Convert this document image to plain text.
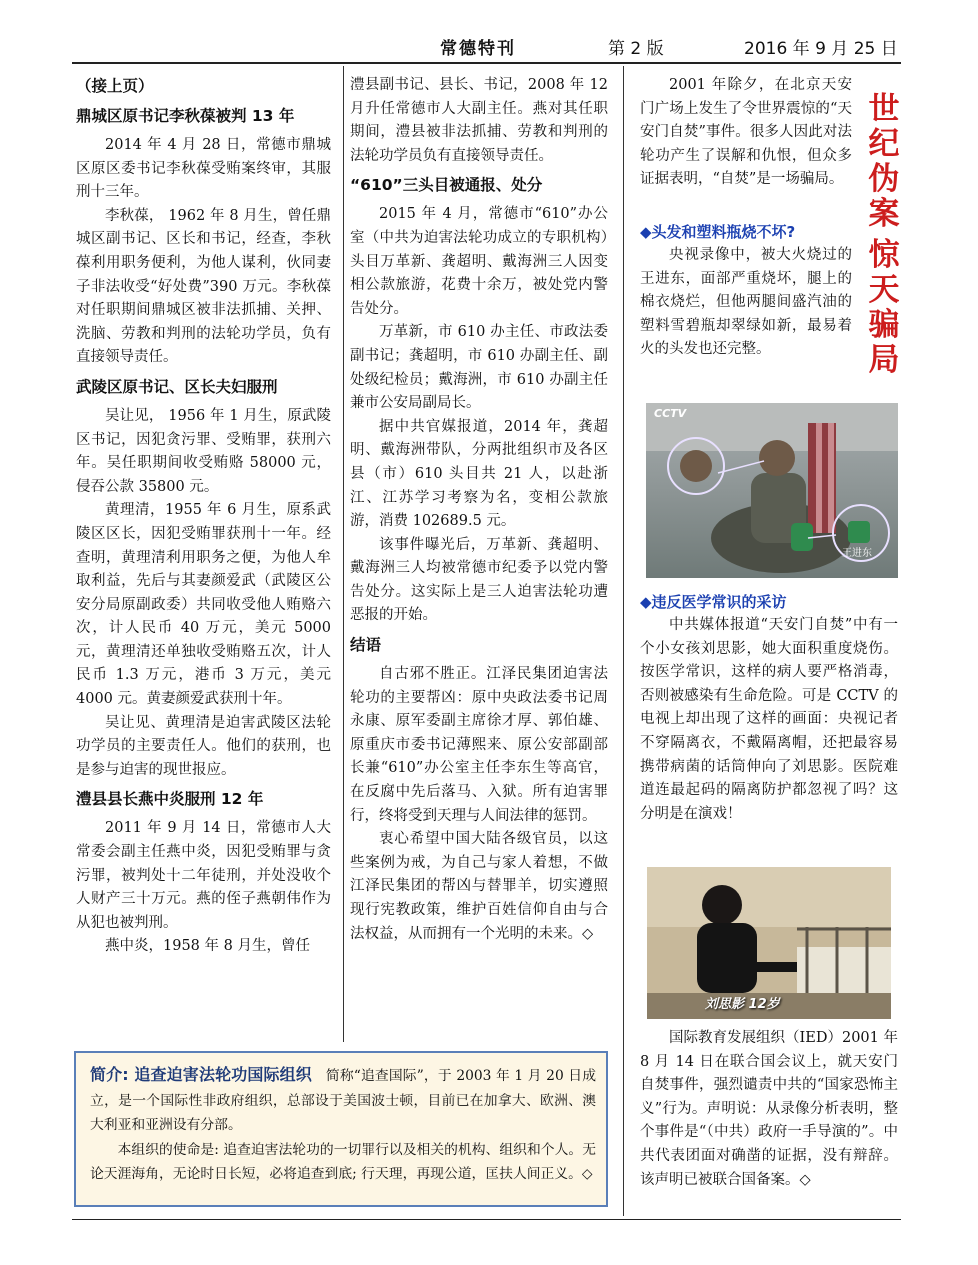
常德特刊	第 2 版	2016 年 9 月 25 日
（接上页）
鼎城区原书记李秋葆被判 13 年

2014 年 4 月 28 日，常德市鼎城区原区委书记李秋葆受贿案终审，其服刑十三年。

李秋葆， 1962 年 8 月生，曾任鼎城区副书记、区长和书记，经查，李秋葆利用职务便利，为他人谋利，伙同妻子非法收受“好处费”390 万元。李秋葆对任职期间鼎城区被非法抓捕、关押、洗脑、劳教和判刑的法轮功学员，负有直接领导责任。

武陵区原书记、区长夫妇服刑

吴让见， 1956 年 1 月生，原武陵区书记，因犯贪污罪、受贿罪，获刑六年。吴任职期间收受贿赂 58000 元，侵吞公款 35800 元。

黄理清，1955 年 6 月生，原系武陵区区长，因犯受贿罪获刑十一年。经查明，黄理清利用职务之便，为他人牟取利益，先后与其妻颜爱武（武陵区公安分局原副政委）共同收受他人贿赂六次，计人民币 40 万元，美元 5000 元，黄理清还单独收受贿赂五次，计人民币 1.3 万元，港币 3 万元，美元 4000 元。黄妻颜爱武获刑十年。

吴让见、黄理清是迫害武陵区法轮功学员的主要责任人。他们的获刑，也是参与迫害的现世报应。

澧县县长燕中炎服刑 12 年

2011 年 9 月 14 日，常德市人大常委会副主任燕中炎，因犯受贿罪与贪污罪，被判处十二年徒刑，并处没收个人财产三十万元。燕的侄子燕朝伟作为从犯也被判刑。

燕中炎，1958 年 8 月生，曾任

澧县副书记、县长、书记，2008 年 12 月升任常德市人大副主任。燕对其任职期间，澧县被非法抓捕、劳教和判刑的法轮功学员负有直接领导责任。

“610”三头目被通报、处分

2015 年 4 月，常德市“610”办公室（中共为迫害法轮功成立的专职机构）头目万革新、龚超明、戴海洲三人因变相公款旅游，花费十余万，被处党内警告处分。

万革新，市 610 办主任、市政法委副书记；龚超明，市 610 办副主任、副处级纪检员；戴海洲，市 610 办副主任兼市公安局副局长。

据中共官媒报道，2014 年，龚超明、戴海洲带队，分两批组织市及各区县（市）610 头目共 21 人，以赴浙江、江苏学习考察为名，变相公款旅游，消费 102689.5 元。

该事件曝光后，万革新、龚超明、戴海洲三人均被常德市纪委予以党内警告处分。这实际上是三人迫害法轮功遭恶报的开始。

结语

自古邪不胜正。江泽民集团迫害法轮功的主要帮凶：原中央政法委书记周永康、原军委副主席徐才厚、郭伯雄、原重庆市委书记薄熙来、原公安部副部长兼“610”办公室主任李东生等高官，在反腐中先后落马、入狱。所有迫害罪行，终将受到天理与人间法律的惩罚。

衷心希望中国大陆各级官员，以这些案例为戒，为自己与家人着想，不做江泽民集团的帮凶与替罪羊，切实遵照现行宪教政策，维护百姓信仰自由与合法权益，从而拥有一个光明的未来。◇

2001 年除夕，在北京天安门广场上发生了令世界震惊的“天安门自焚”事件。很多人因此对法轮功产生了误解和仇恨，但众多证据表明，“自焚”是一场骗局。

世纪伪案
惊天骗局
◆头发和塑料瓶烧不坏?

央视录像中，被大火烧过的王进东，面部严重烧坏，腿上的棉衣烧烂，但他两腿间盛汽油的塑料雪碧瓶却翠绿如新，最易着火的头发也还完整。

CCTV
王进东
◆违反医学常识的采访

中共媒体报道“天安门自焚”中有一个小女孩刘思影，她大面积重度烧伤。按医学常识，这样的病人要严格消毒，否则被感染有生命危险。可是 CCTV 的电视上却出现了这样的画面：央视记者不穿隔离衣，不戴隔离帽，还把最容易携带病菌的话筒伸向了刘思影。医院难道连最起码的隔离防护都忽视了吗？这分明是在演戏！

刘思影 12岁

国际教育发展组织（IED）2001 年 8 月 14 日在联合国会议上，就天安门自焚事件，强烈谴责中共的“国家恐怖主义”行为。声明说：从录像分析表明，整个事件是“（中共）政府一手导演的”。中共代表团面对确凿的证据，没有辩辞。该声明已被联合国备案。◇

简介: 追查迫害法轮功国际组织 简称“追查国际”，于 2003 年 1 月 20 日成立，是一个国际性非政府组织，总部设于美国波士顿，目前已在加拿大、欧洲、澳大利亚和亚洲设有分部。
本组织的使命是: 追查迫害法轮功的一切罪行以及相关的机构、组织和个人。无论天涯海角，无论时日长短，必将追查到底; 行天理，再现公道，匡扶人间正义。◇
